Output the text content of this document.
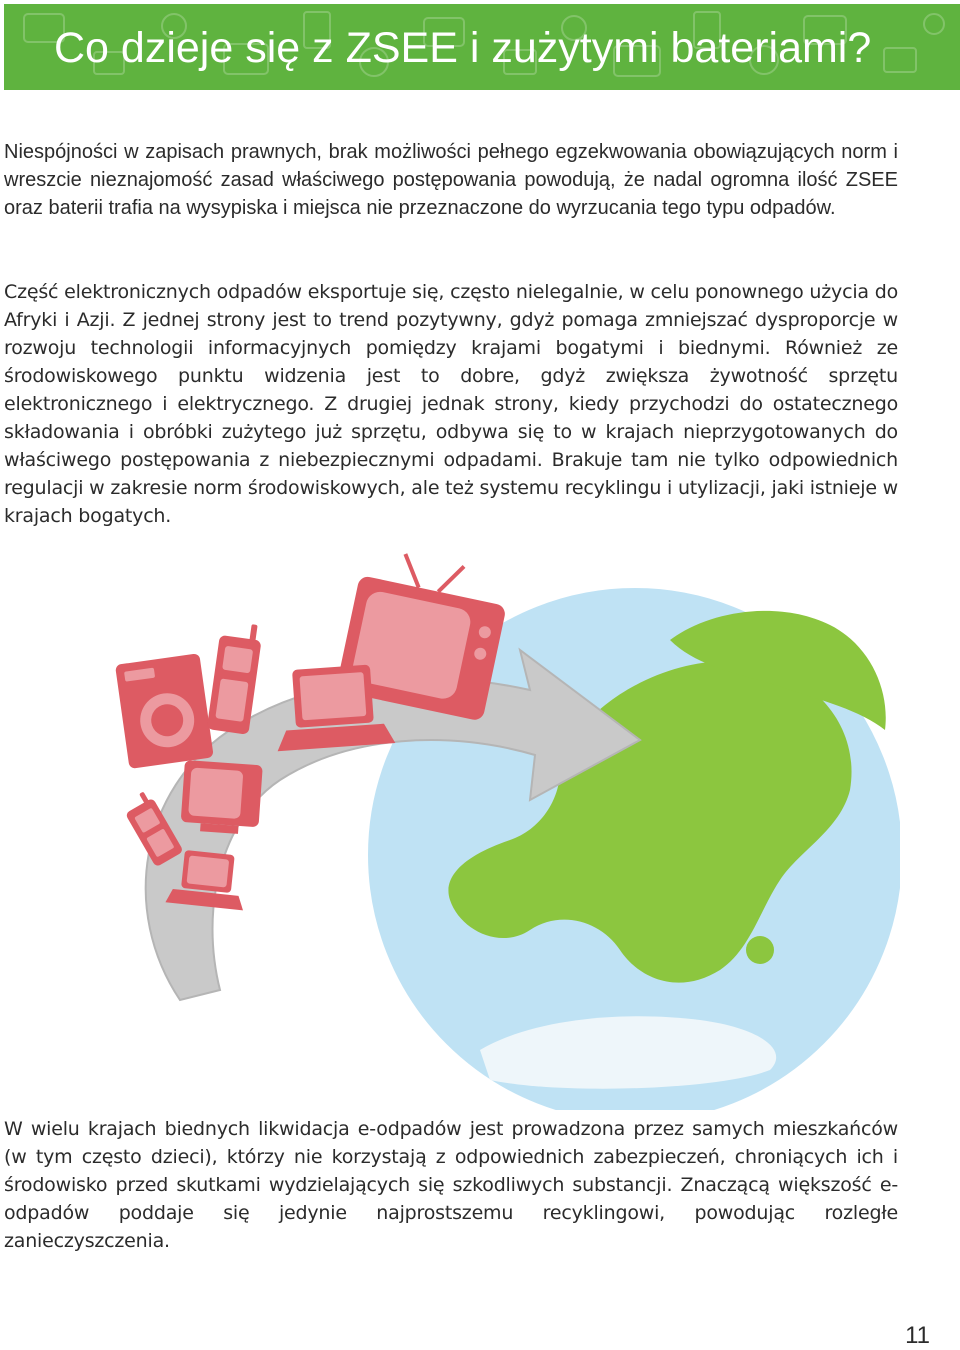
Co dzieje się z ZSEE i zużytymi bateriami?

Niespójności w zapisach prawnych, brak możliwości pełnego egzekwowania obowiązujących norm i wreszcie nieznajomość zasad właściwego postępowania powodują, że nadal ogromna ilość ZSEE oraz baterii trafia na wysypiska i miejsca nie przeznaczone do wyrzucania tego typu odpadów.

Część elektronicznych odpadów eksportuje się, często nielegalnie, w celu ponownego użycia do Afryki i Azji. Z jednej strony jest to trend pozytywny, gdyż pomaga zmniejszać dysproporcje w rozwoju technologii informacyjnych pomiędzy krajami bogatymi i biednymi. Również ze środowiskowego punktu widzenia jest to dobre, gdyż zwiększa żywotność sprzętu elektronicznego i elektrycznego. Z drugiej jednak strony, kiedy przychodzi do ostatecznego składowania i obróbki zużytego już sprzętu, odbywa się to w krajach nieprzygotowanych do właściwego postępowania z niebezpiecznymi odpadami. Brakuje tam nie tylko odpowiednich regulacji w zakresie norm środowiskowych, ale też systemu recyklingu i utylizacji, jaki istnieje w krajach bogatych.

W wielu krajach biednych likwidacja e-odpadów jest prowadzona przez samych mieszkańców (w tym często dzieci), którzy nie korzystają z odpowiednich zabezpieczeń, chroniących ich i środowisko przed skutkami wydzielających się szkodliwych substancji. Znaczącą większość e-odpadów poddaje się jedynie najprostszemu recyklingowi, powodując rozległe zanieczyszczenia.

11
